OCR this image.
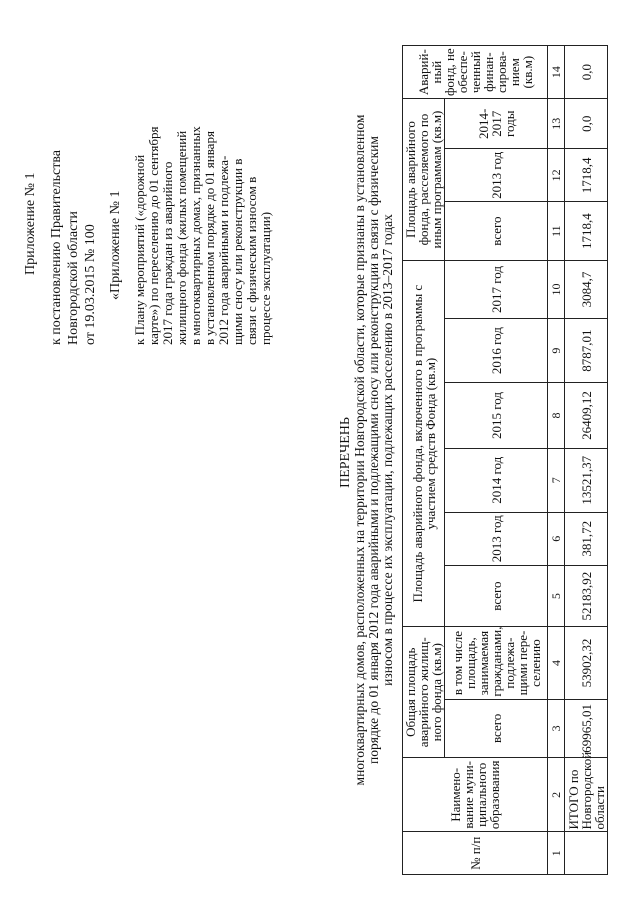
Приложение № 1 к постановлению Правительства Новгородской области от 19.03.2015 № 100 «Приложение № 1 к Плану мероприятий («дорожной карте») по переселению до 01 сентября 2017 года граждан из аварийного жилищного фонда (жилых помещений в многоквартирных домах, признанных в установленном порядке до 01 января 2012 года аварийными и подлежа- щими сносу или реконструкции в связи с физическим износом в процессе эксплуатации)
ПЕРЕЧЕНЬ многоквартирных домов, расположенных на территории Новгородской области, которые признаны в установленном порядке до 01 января 2012 года аварийными и подлежащими сносу или реконструкции в связи с физическим износом в процессе их эксплуатации, подлежащих расселению в 2013–2017 годах
№ п/п	Наимено-вание муни-ципального образования	Общая площадь аварийного жилищ-ного фонда (кв.м)		Площадь аварийного фонда, включенного в программы с участием средств Фонда (кв.м)						Площадь аварийного фонда, расселяемого по иным программам (кв.м)			Аварий-ный фонд, не обеспе-ченный финан-сирова-нием (кв.м)
		всего	в том числе площадь, занимаемая гражданами, подлежа-щими пере-селению	всего	2013 год	2014 год	2015 год	2016 год	2017 год	всего	2013 год	2014-2017 годы	
1	2	3	4	5	6	7	8	9	10	11	12	13	14
	ИТОГО по Новгородской области	69965,01	53902,32	52183,92	381,72	13521,37	26409,12	8787,01	3084,7	1718,4	1718,4	0,0	0,0
